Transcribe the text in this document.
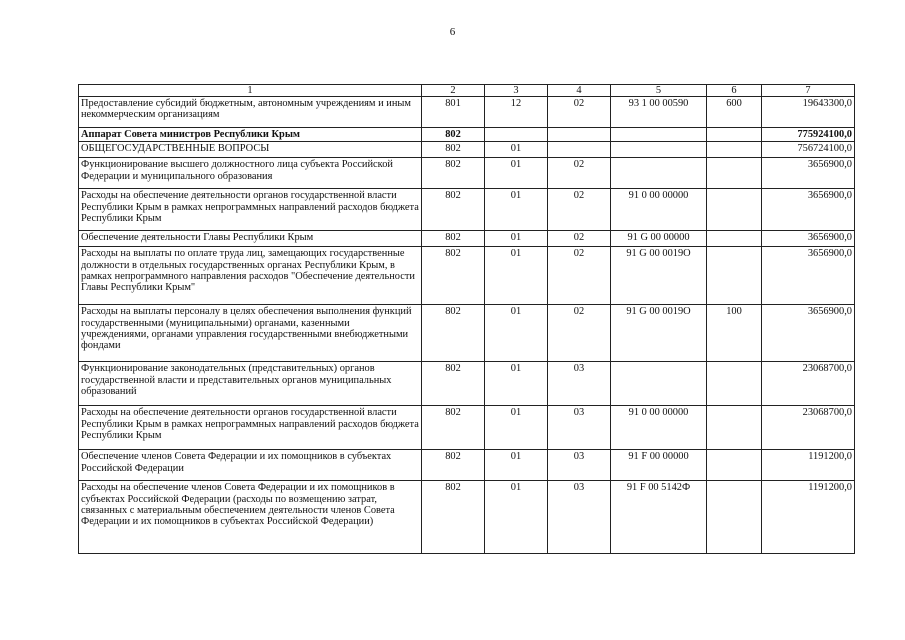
6
1	2	3	4	5	6	7
Предоставление субсидий бюджетным, автономным учреждениям и иным некоммерческим организациям	801	12	02	93 1 00 00590	600	19643300,0
Аппарат Совета министров Республики Крым	802					775924100,0
ОБЩЕГОСУДАРСТВЕННЫЕ ВОПРОСЫ	802	01				756724100,0
Функционирование высшего должностного лица субъекта Российской Федерации и муниципального образования	802	01	02			3656900,0
Расходы на обеспечение деятельности органов государственной власти Республики Крым в рамках непрограммных направлений расходов бюджета Республики Крым	802	01	02	91 0 00 00000		3656900,0
Обеспечение деятельности Главы Республики Крым	802	01	02	91 G 00 00000		3656900,0
Расходы на выплаты по оплате труда лиц, замещающих государственные должности в отдельных государственных органах Республики Крым, в рамках непрограммного направления расходов "Обеспечение деятельности Главы Республики Крым"	802	01	02	91 G 00 0019О		3656900,0
Расходы на выплаты персоналу в целях обеспечения выполнения функций государственными (муниципальными) органами, казенными учреждениями, органами управления государственными внебюджетными фондами	802	01	02	91 G 00 0019О	100	3656900,0
Функционирование законодательных (представительных) органов государственной власти и представительных органов муниципальных образований	802	01	03			23068700,0
Расходы на обеспечение деятельности органов государственной власти Республики Крым в рамках непрограммных направлений расходов бюджета Республики Крым	802	01	03	91 0 00 00000		23068700,0
Обеспечение членов Совета Федерации и их помощников в субъектах Российской Федерации	802	01	03	91 F 00 00000		1191200,0
Расходы на обеспечение членов Совета Федерации и их помощников в субъектах Российской Федерации (расходы по возмещению затрат, связанных с материальным обеспечением деятельности членов Совета Федерации и их помощников в субъектах Российской Федерации)	802	01	03	91 F 00 5142Ф		1191200,0
